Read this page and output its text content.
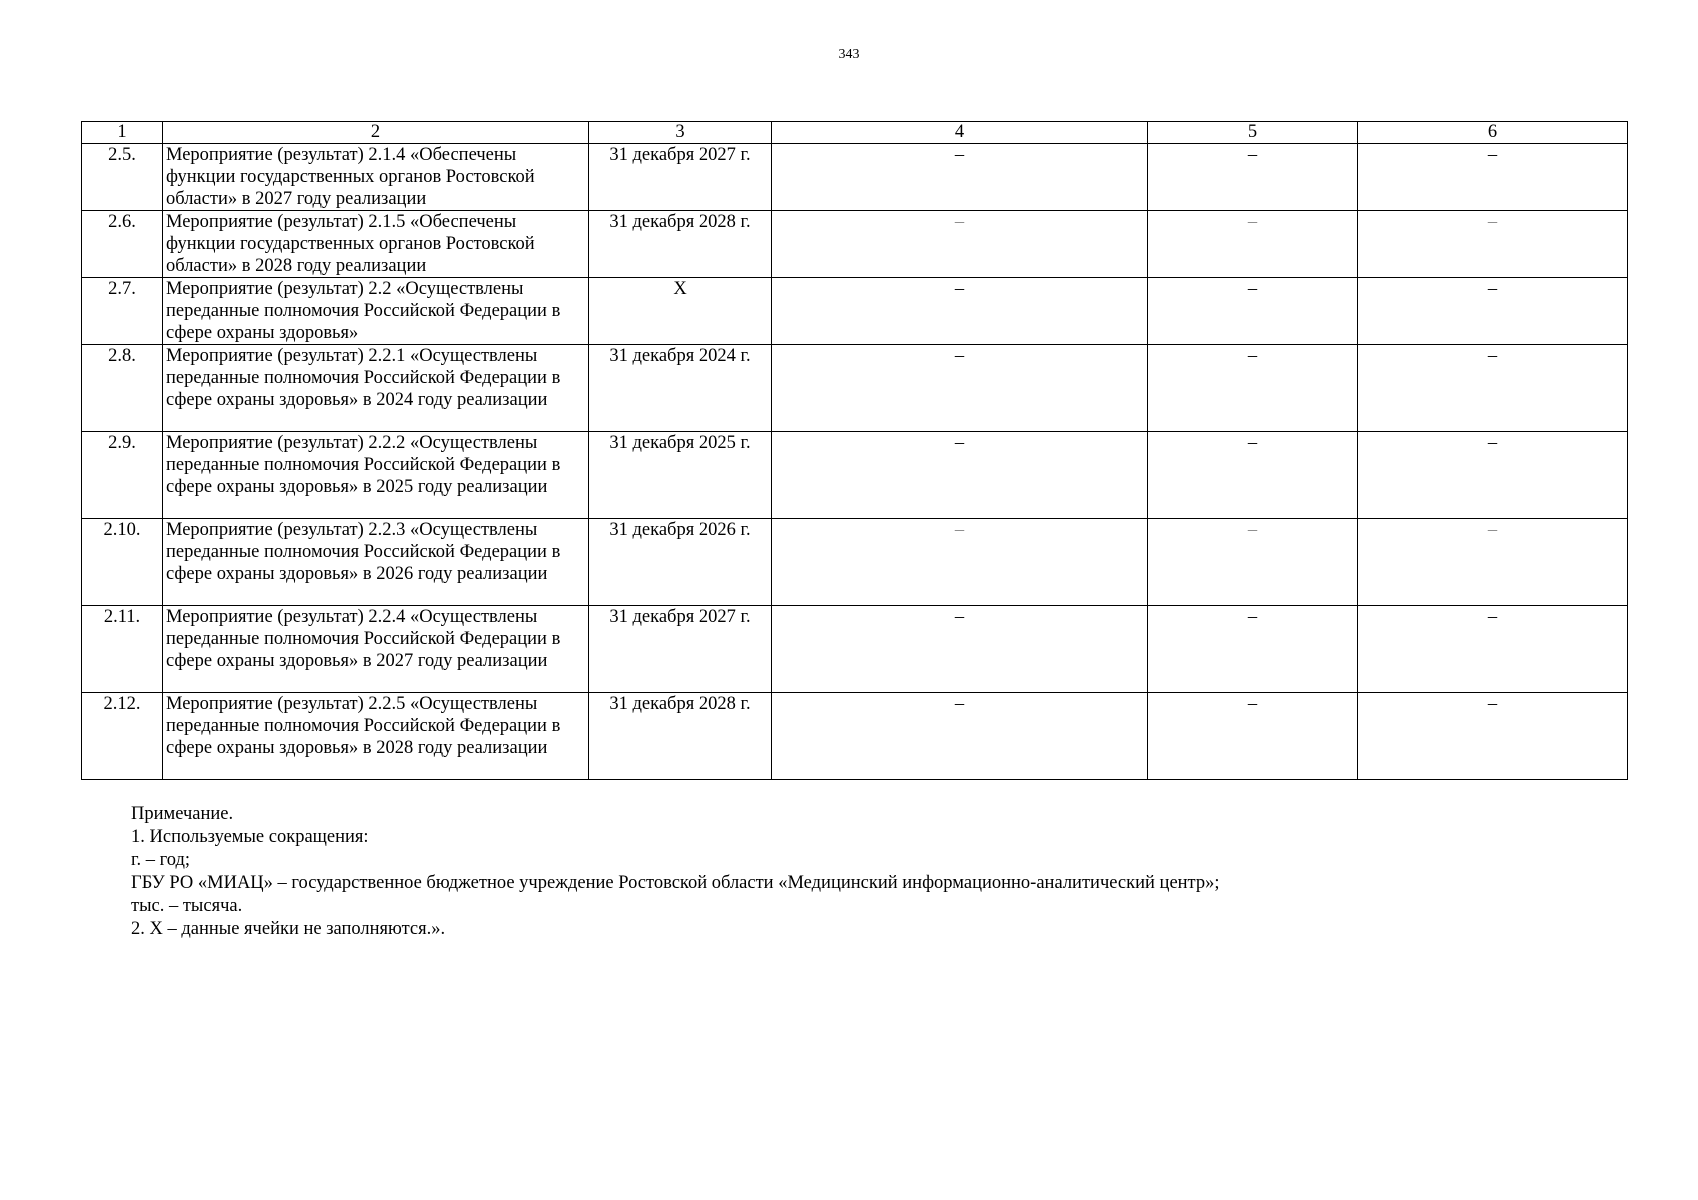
343
1	2	3	4	5	6
2.5.	Мероприятие (результат) 2.1.4 «Обеспечены функции государственных органов Ростовской области» в 2027 году реализации	31 декабря 2027 г.	–	–	–
2.6.	Мероприятие (результат) 2.1.5 «Обеспечены функции государственных органов Ростовской области» в 2028 году реализации	31 декабря 2028 г.	–	–	–
2.7.	Мероприятие (результат) 2.2 «Осуществлены переданные полномочия Российской Федерации в сфере охраны здоровья»	X	–	–	–
2.8.	Мероприятие (результат) 2.2.1 «Осуществлены переданные полномочия Российской Федерации в сфере охраны здоровья» в 2024 году реализации	31 декабря 2024 г.	–	–	–
2.9.	Мероприятие (результат) 2.2.2 «Осуществлены переданные полномочия Российской Федерации в сфере охраны здоровья» в 2025 году реализации	31 декабря 2025 г.	–	–	–
2.10.	Мероприятие (результат) 2.2.3 «Осуществлены переданные полномочия Российской Федерации в сфере охраны здоровья» в 2026 году реализации	31 декабря 2026 г.	–	–	–
2.11.	Мероприятие (результат) 2.2.4 «Осуществлены переданные полномочия Российской Федерации в сфере охраны здоровья» в 2027 году реализации	31 декабря 2027 г.	–	–	–
2.12.	Мероприятие (результат) 2.2.5 «Осуществлены переданные полномочия Российской Федерации в сфере охраны здоровья» в 2028 году реализации	31 декабря 2028 г.	–	–	–
Примечание.
1. Используемые сокращения:
г. – год;
ГБУ РО «МИАЦ» – государственное бюджетное учреждение Ростовской области «Медицинский информационно-аналитический центр»;
тыс. – тысяча.
2. X – данные ячейки не заполняются.».
